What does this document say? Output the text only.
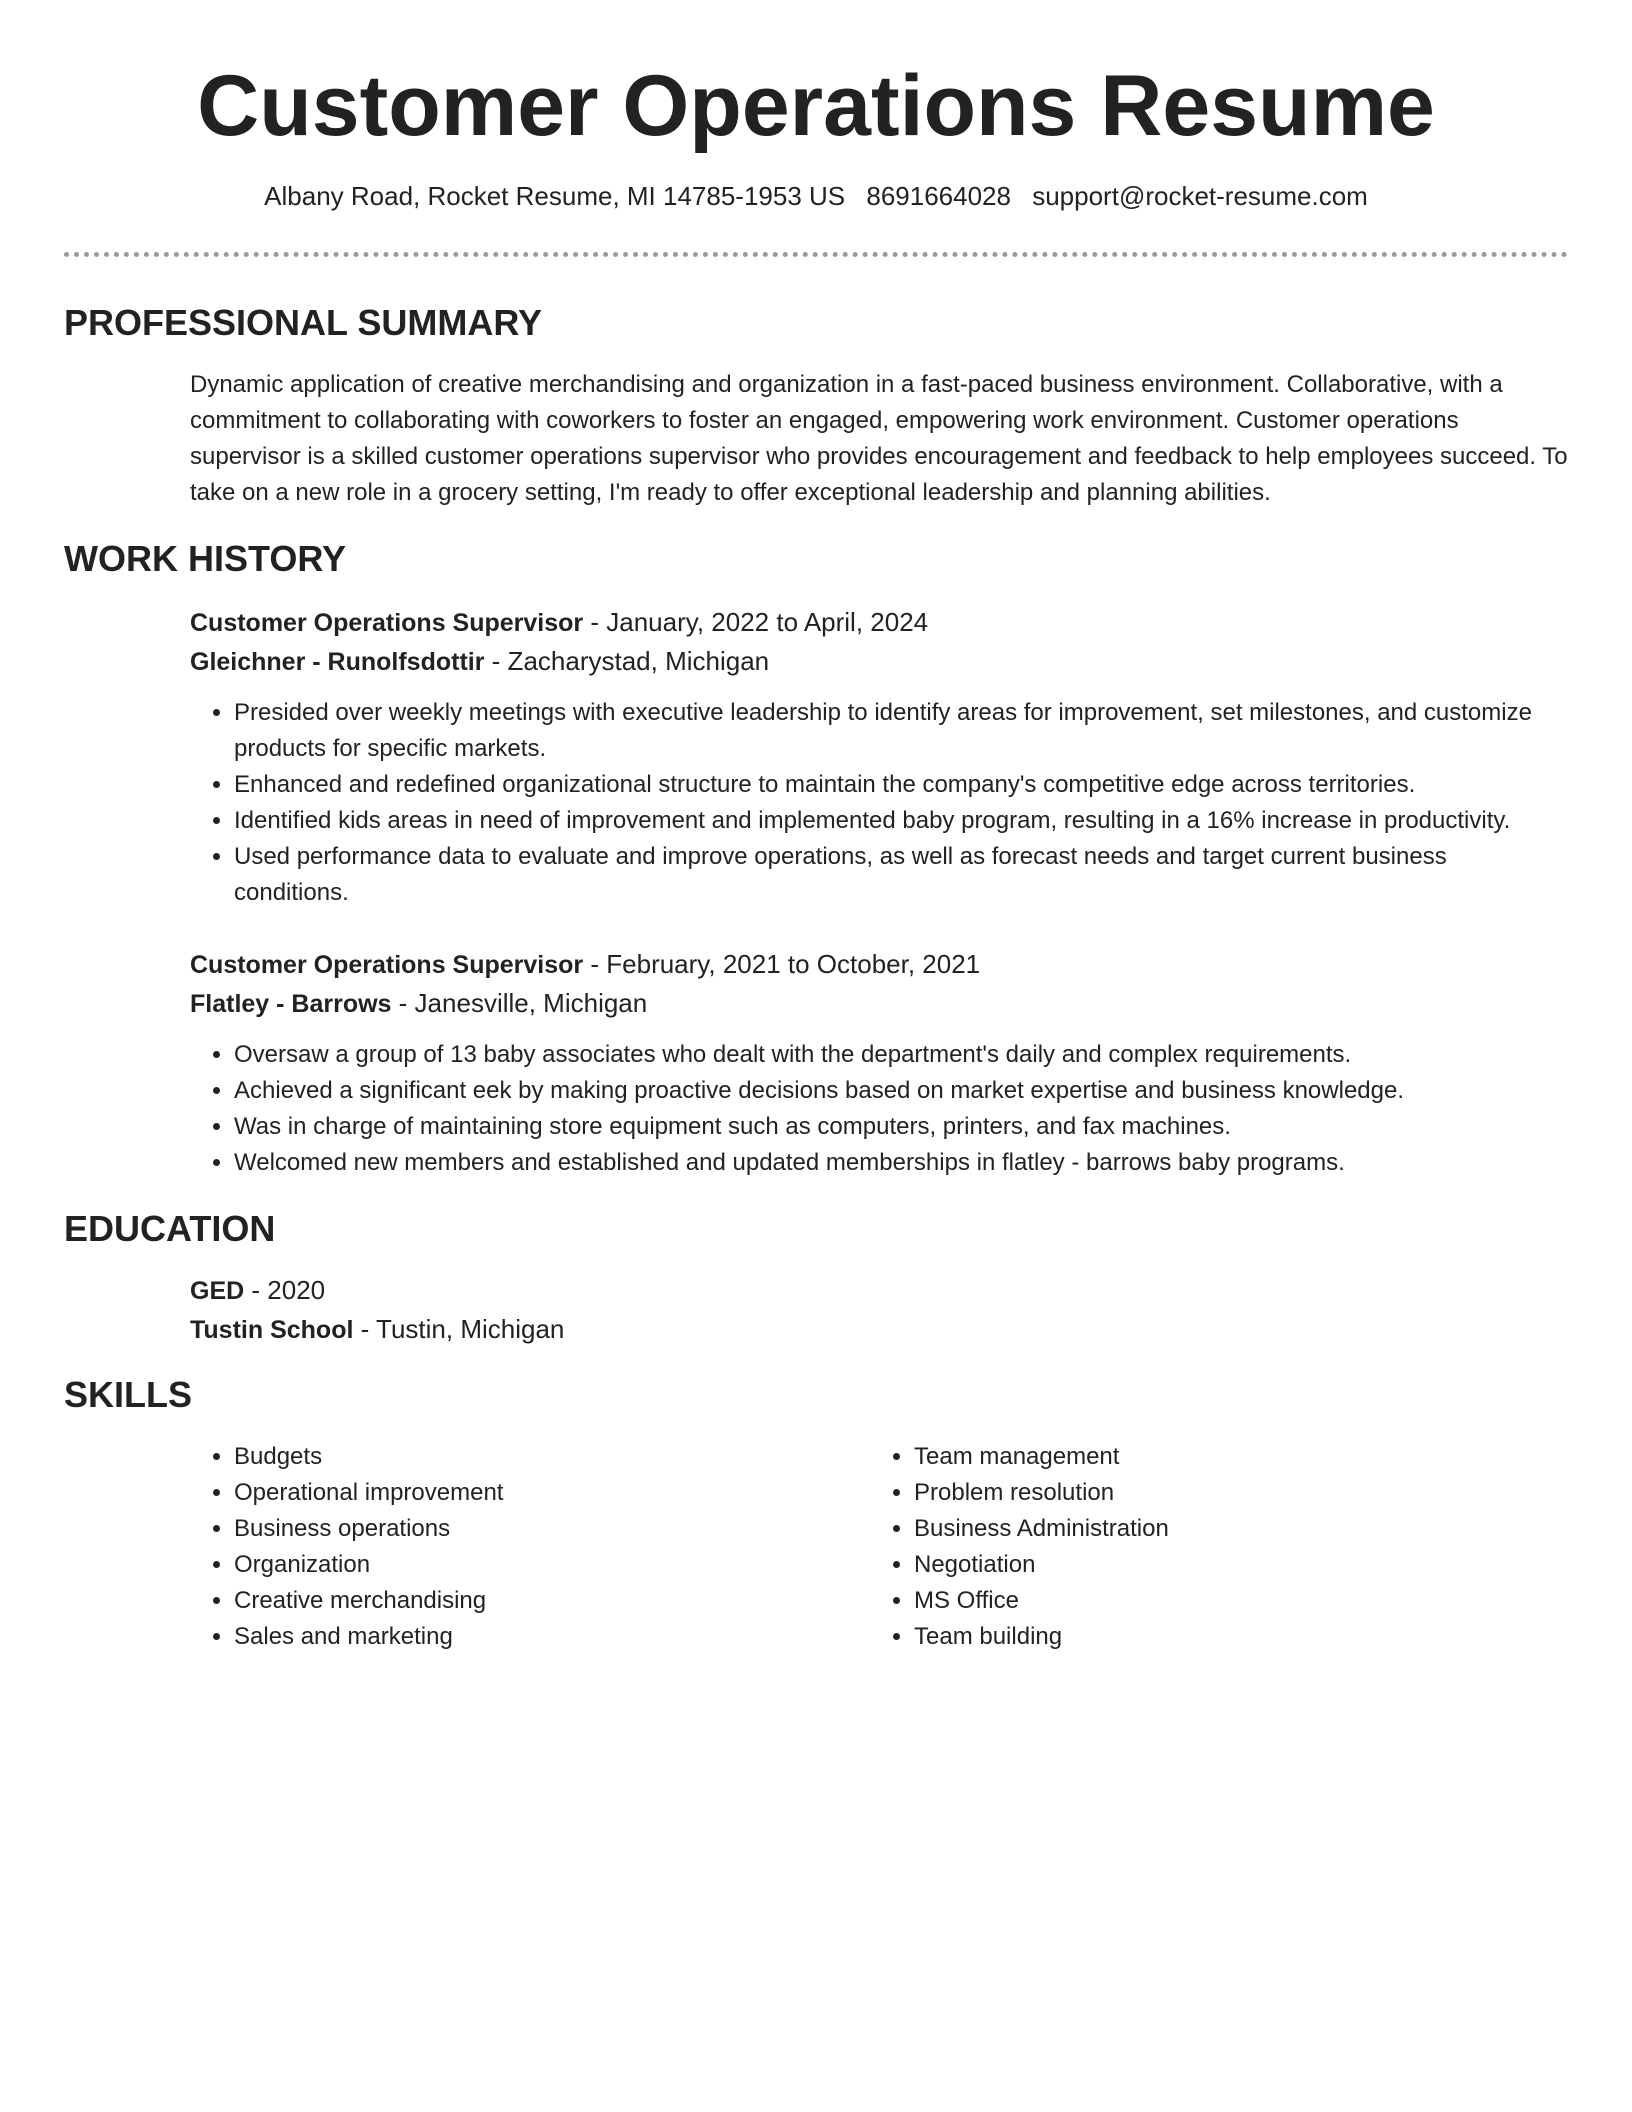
Customer Operations Resume
Albany Road, Rocket Resume, MI 14785-1953 US 8691664028 support@rocket-resume.com
PROFESSIONAL SUMMARY

Dynamic application of creative merchandising and organization in a fast-paced business environment. Collaborative, with a commitment to collaborating with coworkers to foster an engaged, empowering work environment. Customer operations supervisor is a skilled customer operations supervisor who provides encouragement and feedback to help employees succeed. To take on a new role in a grocery setting, I'm ready to offer exceptional leadership and planning abilities.

WORK HISTORY
Customer Operations Supervisor - January, 2022 to April, 2024
Gleichner - Runolfsdottir - Zacharystad, Michigan
• Presided over weekly meetings with executive leadership to identify areas for improvement, set milestones, and customize products for specific markets.
• Enhanced and redefined organizational structure to maintain the company's competitive edge across territories.
• Identified kids areas in need of improvement and implemented baby program, resulting in a 16% increase in productivity.
• Used performance data to evaluate and improve operations, as well as forecast needs and target current business conditions.
Customer Operations Supervisor - February, 2021 to October, 2021
Flatley - Barrows - Janesville, Michigan
• Oversaw a group of 13 baby associates who dealt with the department's daily and complex requirements.
• Achieved a significant eek by making proactive decisions based on market expertise and business knowledge.
• Was in charge of maintaining store equipment such as computers, printers, and fax machines.
• Welcomed new members and established and updated memberships in flatley - barrows baby programs.
EDUCATION
GED - 2020
Tustin School - Tustin, Michigan
SKILLS
• Budgets
• Operational improvement
• Business operations
• Organization
• Creative merchandising
• Sales and marketing
• Team management
• Problem resolution
• Business Administration
• Negotiation
• MS Office
• Team building
